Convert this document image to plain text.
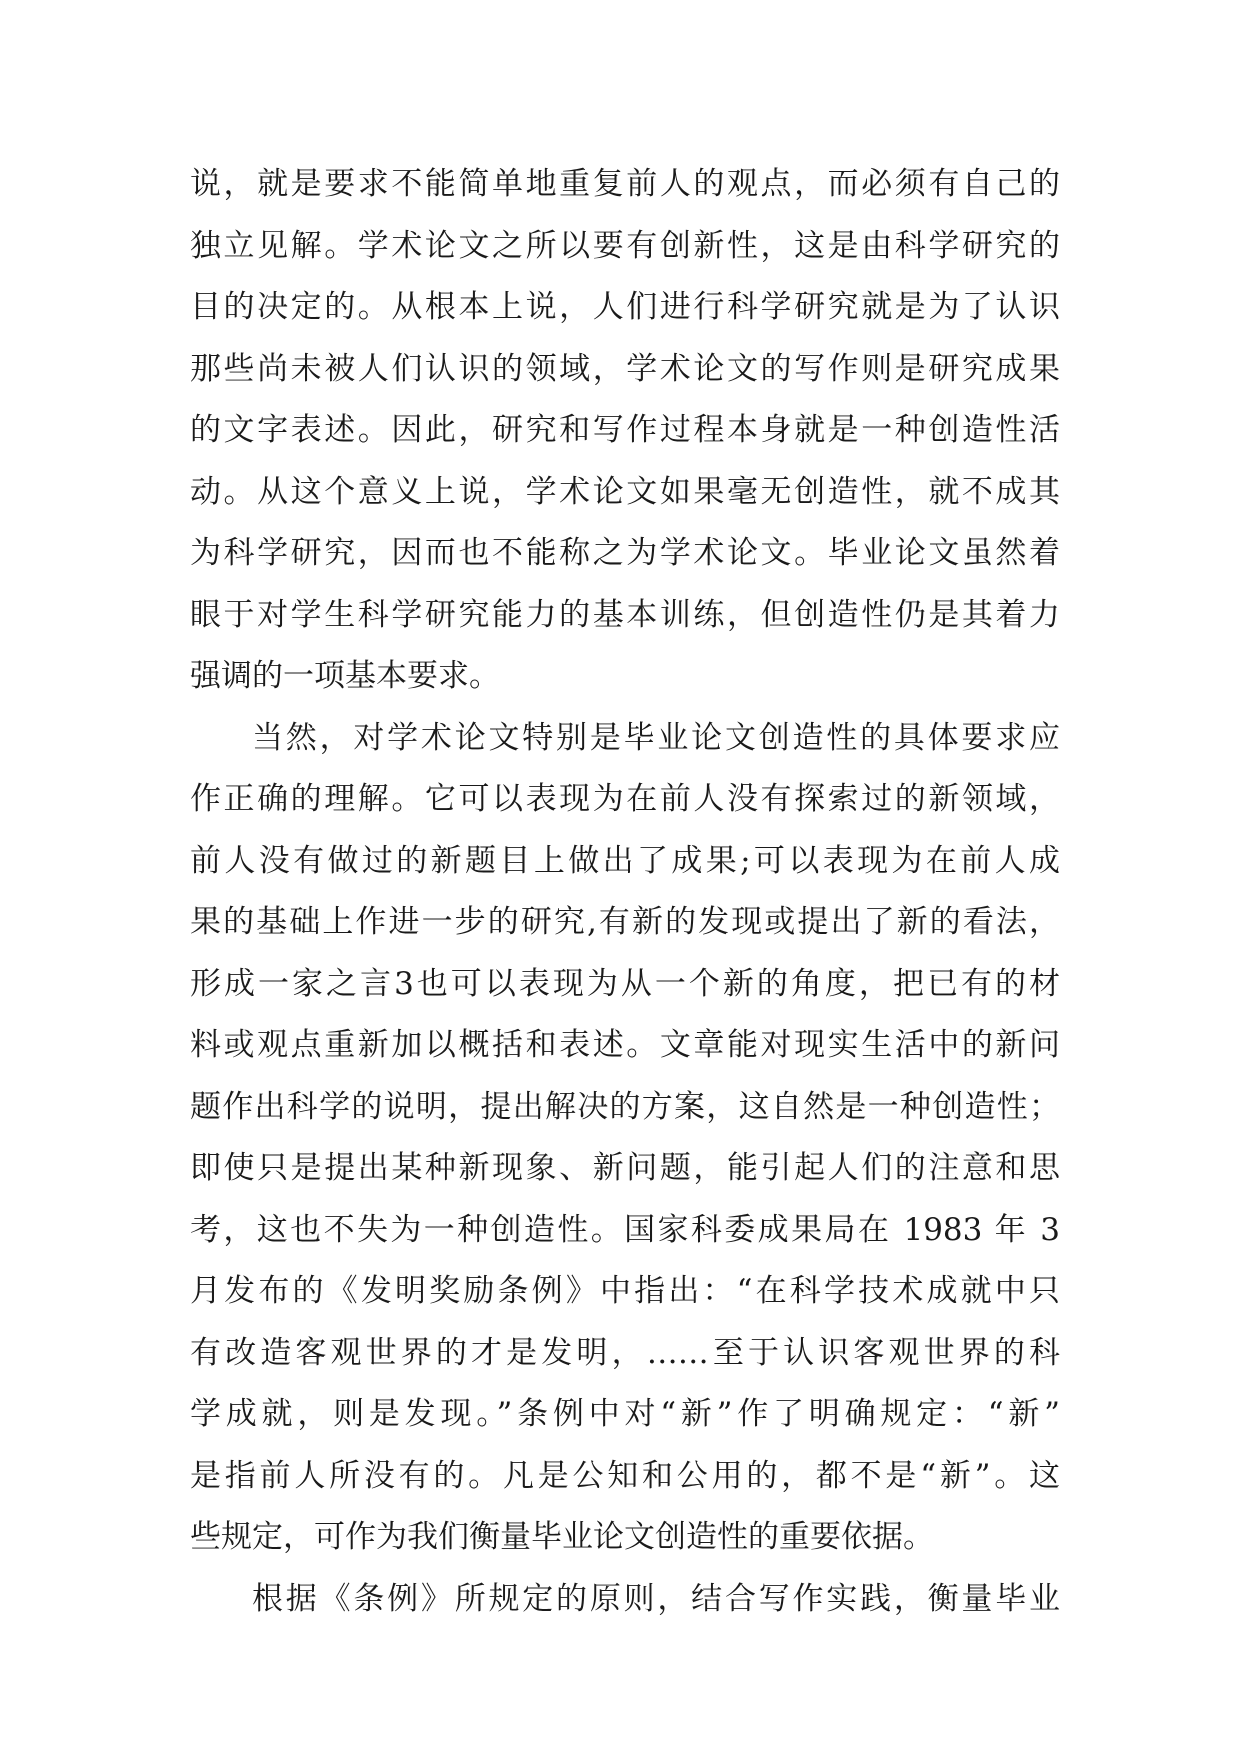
说，就是要求不能简单地重复前人的观点，而必须有自己的
独立见解。学术论文之所以要有创新性，这是由科学研究的
目的决定的。从根本上说，人们进行科学研究就是为了认识
那些尚未被人们认识的领域，学术论文的写作则是研究成果
的文字表述。因此，研究和写作过程本身就是一种创造性活
动。从这个意义上说，学术论文如果毫无创造性，就不成其
为科学研究，因而也不能称之为学术论文。毕业论文虽然着
眼于对学生科学研究能力的基本训练，但创造性仍是其着力
强调的一项基本要求。
当然，对学术论文特别是毕业论文创造性的具体要求应
作正确的理解。它可以表现为在前人没有探索过的新领域，
前人没有做过的新题目上做出了成果;可以表现为在前人成
果的基础上作进一步的研究,有新的发现或提出了新的看法，
形成一家之言3也可以表现为从一个新的角度，把已有的材
料或观点重新加以概括和表述。文章能对现实生活中的新问
题作出科学的说明，提出解决的方案，这自然是一种创造性；
即使只是提出某种新现象、新问题，能引起人们的注意和思
考，这也不失为一种创造性。国家科委成果局在 1983 年 3
月发布的《发明奖励条例》中指出：“在科学技术成就中只
有改造客观世界的才是发明，……至于认识客观世界的科
学成就，则是发现。”条例中对“新”作了明确规定：“新”
是指前人所没有的。凡是公知和公用的，都不是“新”。这
些规定，可作为我们衡量毕业论文创造性的重要依据。
根据《条例》所规定的原则，结合写作实践，衡量毕业
